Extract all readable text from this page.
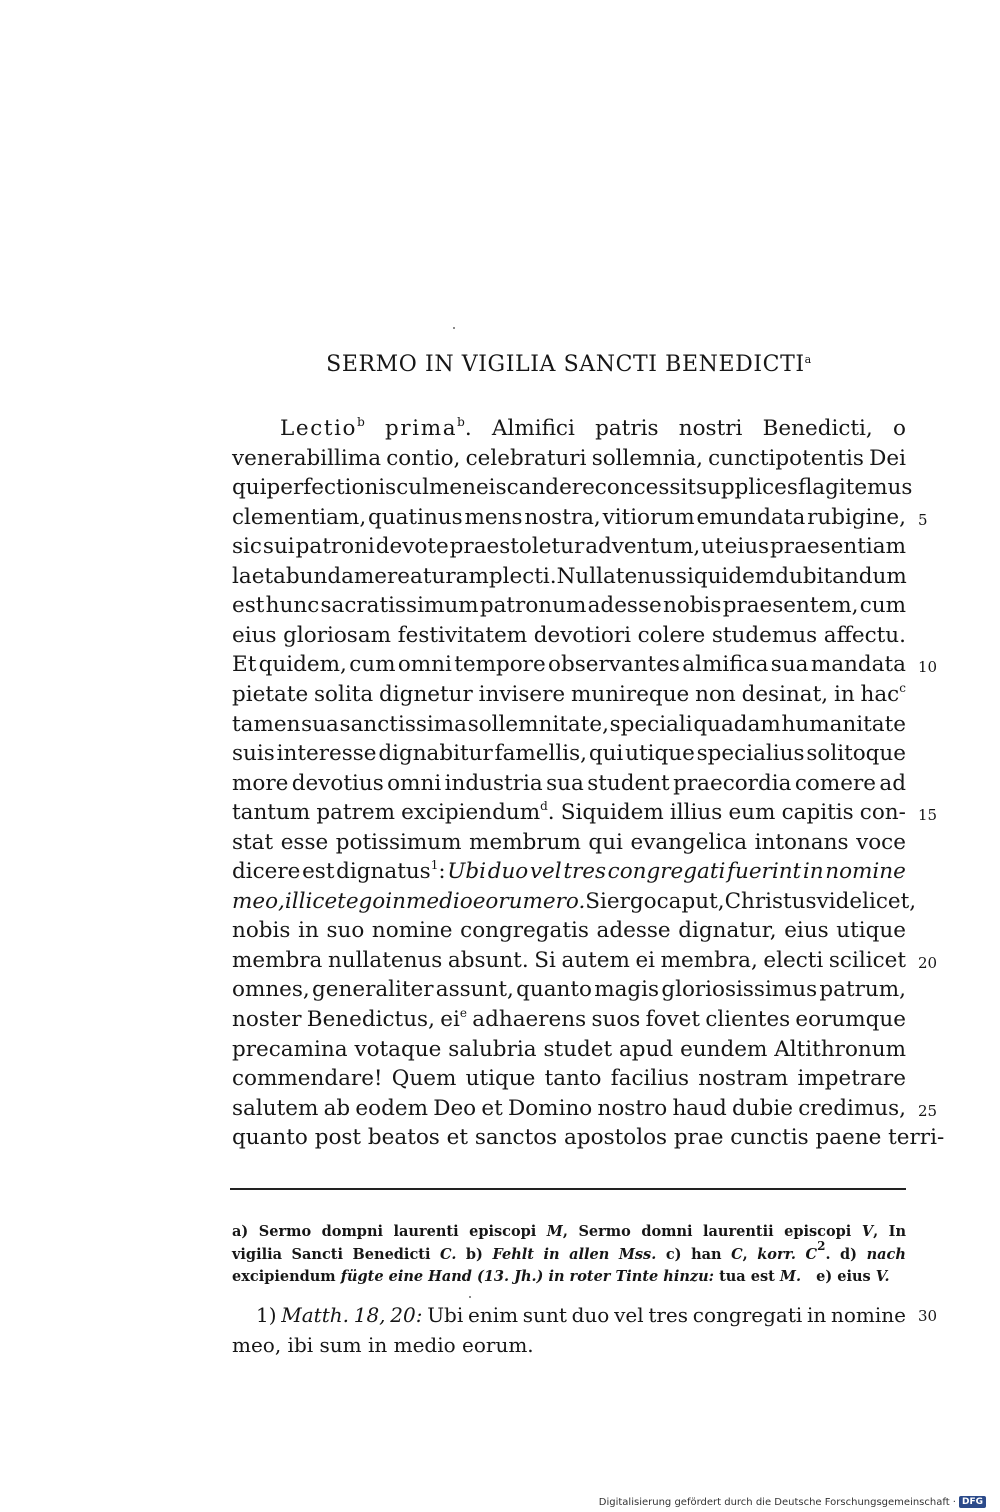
SERMO IN VIGILIA SANCTI BENEDICTI$^a$
Lectio$^b$ prima$^b$. Almifici patris nostri Benedicti, o
venerabillima contio, celebraturi sollemnia, cunctipotentis Dei
qui perfectionis culmen ei scandere concessit supplices flagitemus
clementiam, quatinus mens nostra, vitiorum emundata rubigine, 5
sic sui patroni devote praestoletur adventum, ut eius praesentiam
laetabunda mereatur amplecti. Nullatenus siquidem dubitandum
est hunc sacratissimum patronum adesse nobis praesentem, cum
eius gloriosam festivitatem devotiori colere studemus affectu.
Et quidem, cum omni tempore observantes almifica sua mandata 10
pietate solita dignetur invisere munireque non desinat, in hac$^c$
tamen sua sanctissima sollemnitate, speciali quadam humanitate
suis interesse dignabitur famellis, qui utique specialius solitoque
more devotius omni industria sua student praecordia comere ad
tantum patrem excipiendum$^d$. Siquidem illius eum capitis con- 15
stat esse potissimum membrum qui evangelica intonans voce
dicere est dignatus$^1$: Ubi duo vel tres congregati fuerint in nomine
meo, illic et ego in medio eorum ero. Si ergo caput, Christus videlicet,
nobis in suo nomine congregatis adesse dignatur, eius utique
membra nullatenus absunt. Si autem ei membra, electi scilicet 20
omnes, generaliter assunt, quanto magis gloriosissimus patrum,
noster Benedictus, $ei^e$ adhaerens suos fovet clientes eorumque
precamina votaque salubria studet apud eundem Altithronum
commendare! Quem utique tanto facilius nostram impetrare
salutem ab eodem Deo et Domino nostro haud dubie credimus, 25
quanto post beatos et sanctos apostolos prae cunctis paene terri-
a) Sermo dompni laurenti episcopi M, Sermo domni laurentii episcopi V, In
vigilia Sancti Benedicti C. b) Fehlt in allen Mss. c) han C, korr. $C^2$. d) nach
excipiendum fügte eine Hand (13. Jh.) in roter Tinte hinzu: tua est M.   e) eius V.
1) Matth. 18, 20: Ubi enim sunt duo vel tres congregati in nomine 30
meo, ibi sum in medio eorum.
Digitalisierung gefördert durch die Deutsche Forschungsgemeinschaft · DFG
